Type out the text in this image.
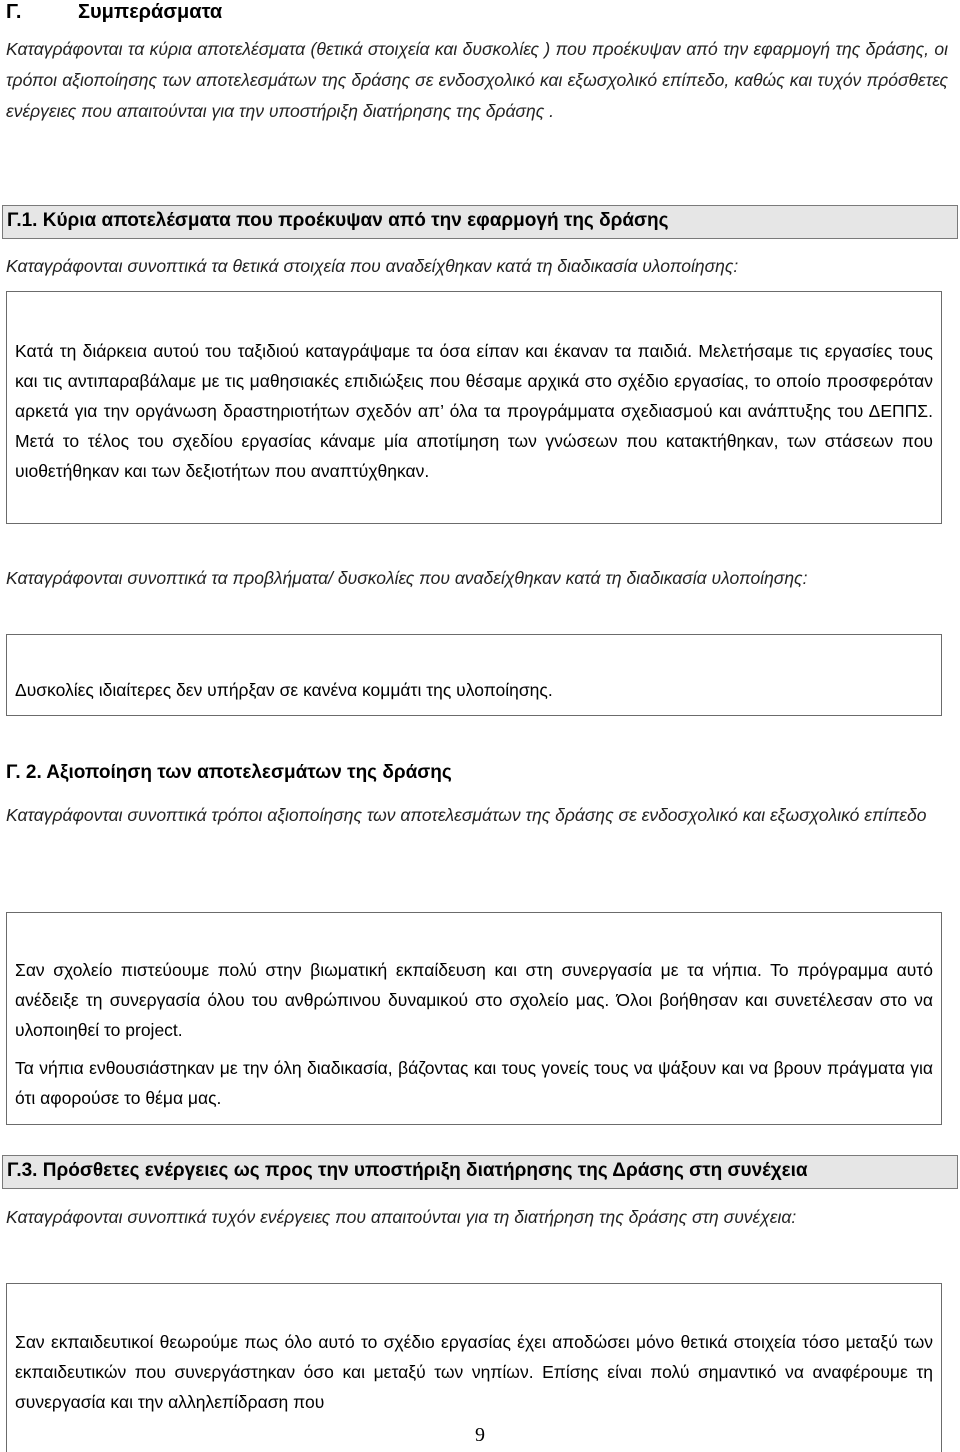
Γ.	Συμπεράσματα
Καταγράφονται τα κύρια αποτελέσματα (θετικά στοιχεία και δυσκολίες ) που προέκυψαν από την εφαρμογή της δράσης, οι τρόποι αξιοποίησης των αποτελεσμάτων της δράσης σε ενδοσχολικό και εξωσχολικό επίπεδο, καθώς και τυχόν πρόσθετες ενέργειες που απαιτούνται για την υποστήριξη διατήρησης της δράσης .
Γ.1. Κύρια αποτελέσματα που προέκυψαν από την εφαρμογή της δράσης
Καταγράφονται συνοπτικά τα θετικά στοιχεία που αναδείχθηκαν κατά τη διαδικασία υλοποίησης:

Κατά τη διάρκεια αυτού του ταξιδιού καταγράψαμε τα όσα είπαν και έκαναν τα παιδιά. Μελετήσαμε τις εργασίες τους και τις αντιπαραβάλαμε με τις μαθησιακές επιδιώξεις που θέσαμε αρχικά στο σχέδιο εργασίας, το οποίο προσφερόταν αρκετά για την οργάνωση δραστηριοτήτων σχεδόν απ’ όλα τα προγράμματα σχεδιασμού και ανάπτυξης του ΔΕΠΠΣ. Μετά το τέλος του σχεδίου εργασίας κάναμε μία αποτίμηση των γνώσεων που κατακτήθηκαν, των στάσεων που υιοθετήθηκαν και των δεξιοτήτων που αναπτύχθηκαν.

Καταγράφονται συνοπτικά τα προβλήματα/ δυσκολίες που αναδείχθηκαν κατά τη διαδικασία υλοποίησης:

Δυσκολίες ιδιαίτερες δεν υπήρξαν σε κανένα κομμάτι της υλοποίησης.

Γ. 2. Αξιοποίηση των αποτελεσμάτων της δράσης
Καταγράφονται συνοπτικά τρόποι αξιοποίησης των αποτελεσμάτων της δράσης σε ενδοσχολικό και εξωσχολικό επίπεδο

Σαν σχολείο πιστεύουμε πολύ στην βιωματική εκπαίδευση και στη συνεργασία με τα νήπια. Το πρόγραμμα αυτό ανέδειξε τη συνεργασία όλου του ανθρώπινου δυναμικού στο σχολείο μας. Όλοι βοήθησαν και συνετέλεσαν στο να υλοποιηθεί το project.

Τα νήπια ενθουσιάστηκαν με την όλη διαδικασία, βάζοντας και τους γονείς τους να ψάξουν και να βρουν πράγματα για ότι αφορούσε το θέμα μας.

Γ.3. Πρόσθετες ενέργειες ως προς την υποστήριξη διατήρησης της Δράσης στη συνέχεια
Καταγράφονται συνοπτικά τυχόν ενέργειες που απαιτούνται για τη διατήρηση της δράσης στη συνέχεια:

Σαν εκπαιδευτικοί θεωρούμε πως όλο αυτό το σχέδιο εργασίας έχει αποδώσει μόνο θετικά στοιχεία τόσο μεταξύ των εκπαιδευτικών που συνεργάστηκαν όσο και μεταξύ των νηπίων. Επίσης είναι πολύ σημαντικό να αναφέρουμε τη συνεργασία και την αλληλεπίδραση που

9
